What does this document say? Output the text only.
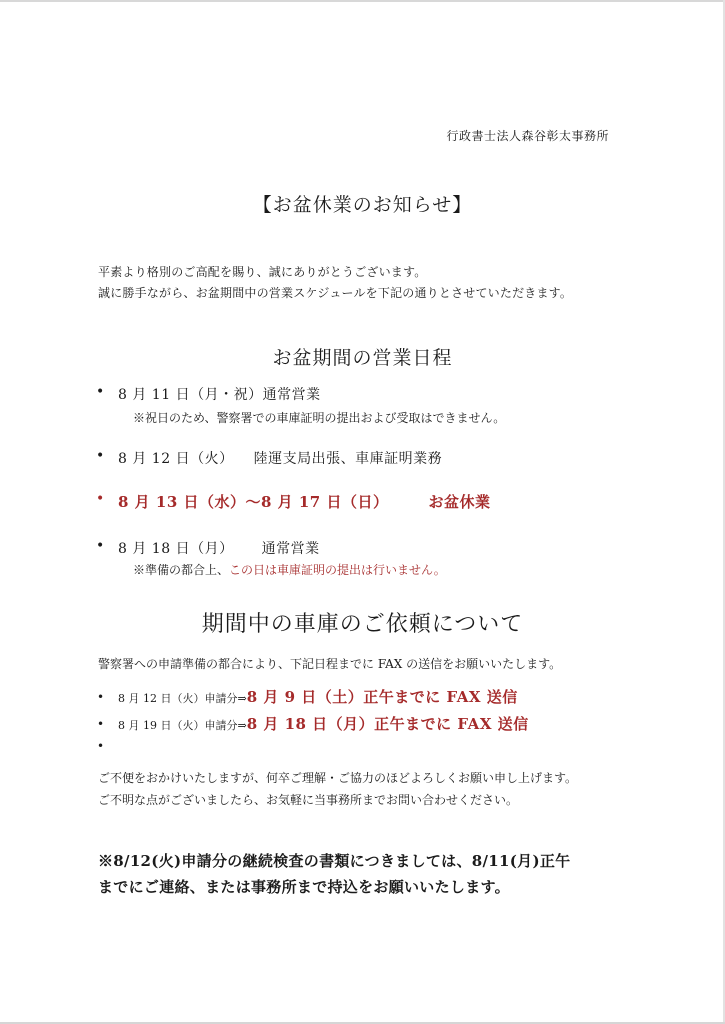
行政書士法人森谷彰太事務所
【お盆休業のお知らせ】
平素より格別のご高配を賜り、誠にありがとうございます。
誠に勝手ながら、お盆期間中の営業スケジュールを下記の通りとさせていただきます。
お盆期間の営業日程
• 8 月 11 日（月・祝）通常営業
※祝日のため、警察署での車庫証明の提出および受取はできません。
• 8 月 12 日（火） 陸運支局出張、車庫証明業務
• 8 月 13 日（水）～8 月 17 日（日）	お盆休業
• 8 月 18 日（月） 通常営業
※準備の都合上、この日は車庫証明の提出は行いません。
期間中の車庫のご依頼について
警察署への申請準備の都合により、下記日程までに FAX の送信をお願いいたします。
• 8 月 12 日（火）申請分⇒8 月 9 日（土）正午までに FAX 送信
• 8 月 19 日（火）申請分⇒8 月 18 日（月）正午までに FAX 送信
•
ご不便をおかけいたしますが、何卒ご理解・ご協力のほどよろしくお願い申し上げます。
ご不明な点がございましたら、お気軽に当事務所までお問い合わせください。
※8/12(火)申請分の継続検査の書類につきましては、8/11(月)正午
までにご連絡、または事務所まで持込をお願いいたします。
